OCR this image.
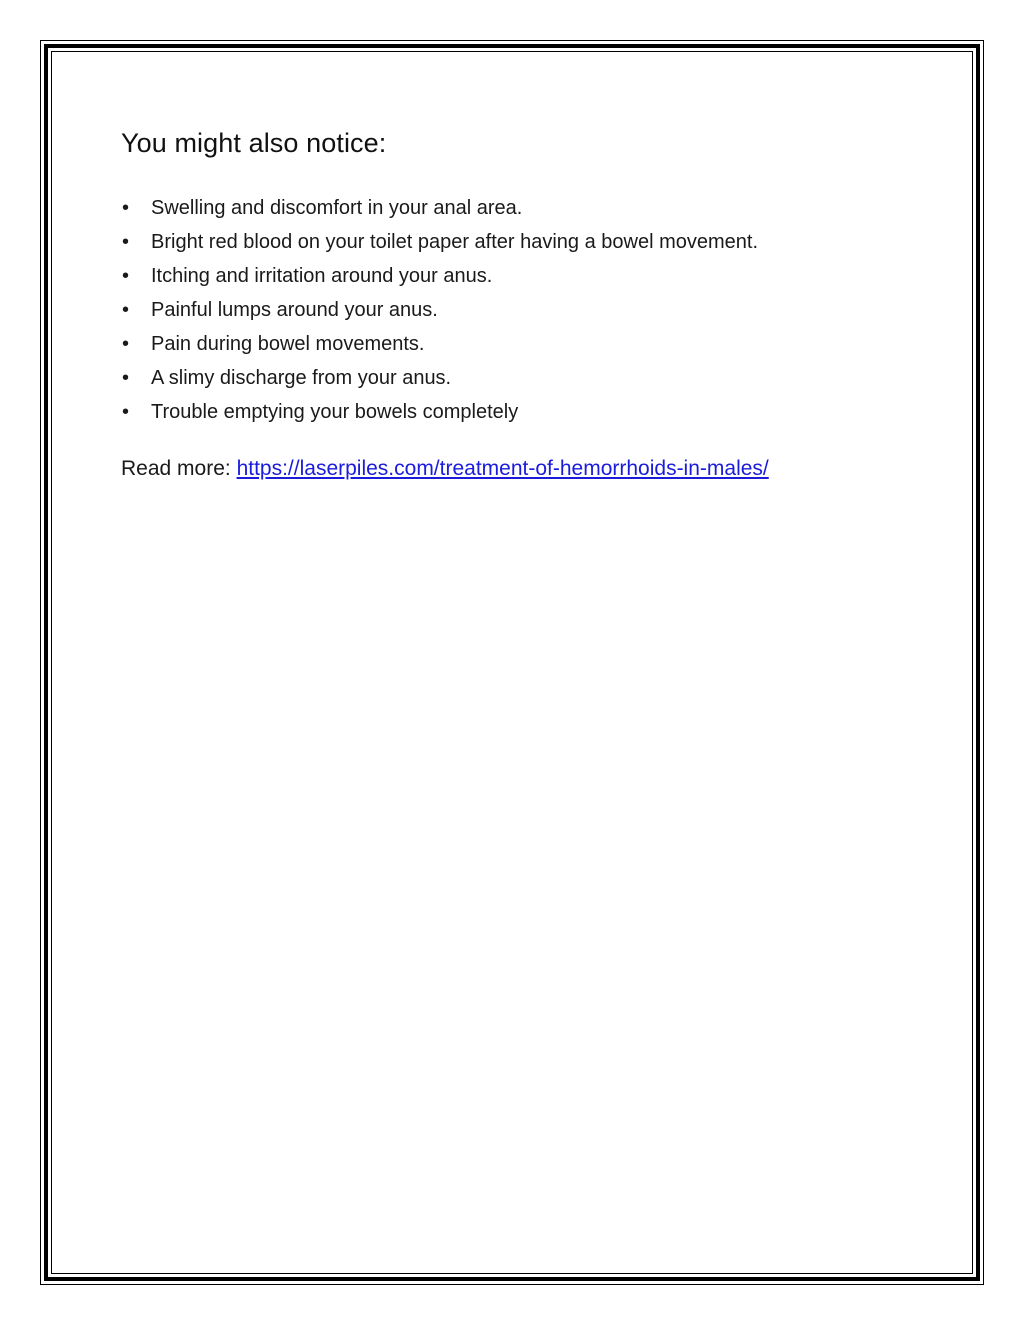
You might also notice:
• Swelling and discomfort in your anal area.
• Bright red blood on your toilet paper after having a bowel movement.
• Itching and irritation around your anus.
• Painful lumps around your anus.
• Pain during bowel movements.
• A slimy discharge from your anus.
• Trouble emptying your bowels completely

Read more: https://laserpiles.com/treatment-of-hemorrhoids-in-males/
